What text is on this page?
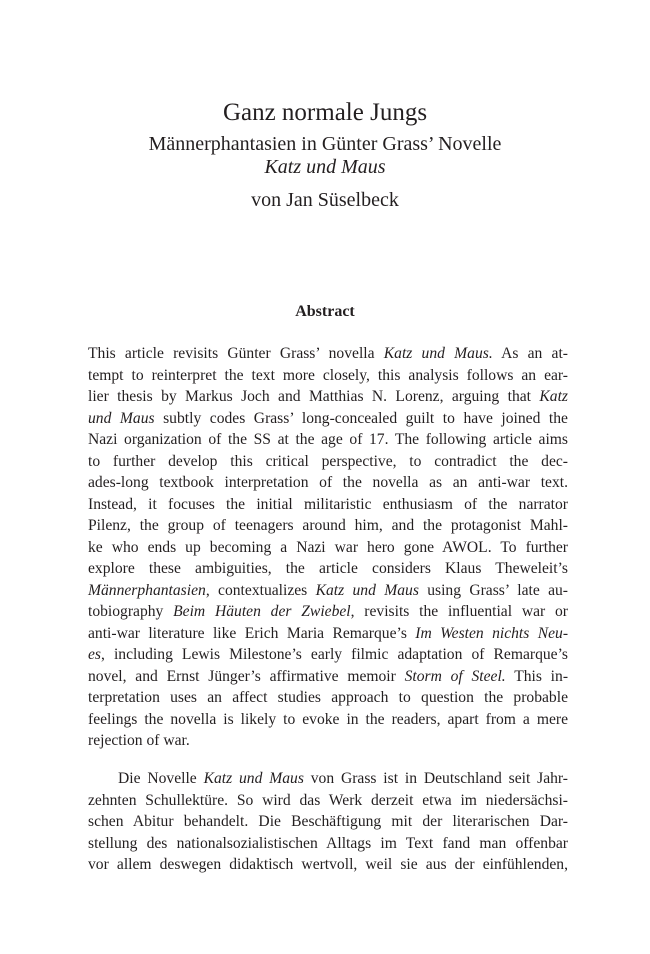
Ganz normale Jungs
Männerphantasien in Günter Grass’ Novelle
Katz und Maus
von Jan Süselbeck
Abstract
This article revisits Günter Grass’ novella Katz und Maus. As an at-
tempt to reinterpret the text more closely, this analysis follows an ear-
lier thesis by Markus Joch and Matthias N. Lorenz, arguing that Katz
und Maus subtly codes Grass’ long-concealed guilt to have joined the
Nazi organization of the SS at the age of 17. The following article aims
to further develop this critical perspective, to contradict the dec-
ades-long textbook interpretation of the novella as an anti-war text.
Instead, it focuses the initial militaristic enthusiasm of the narrator
Pilenz, the group of teenagers around him, and the protagonist Mahl-
ke who ends up becoming a Nazi war hero gone AWOL. To further
explore these ambiguities, the article considers Klaus Theweleit’s
Männerphantasien, contextualizes Katz und Maus using Grass’ late au-
tobiography Beim Häuten der Zwiebel, revisits the influential war or
anti-war literature like Erich Maria Remarque’s Im Westen nichts Neu-
es, including Lewis Milestone’s early filmic adaptation of Remarque’s
novel, and Ernst Jünger’s affirmative memoir Storm of Steel. This in-
terpretation uses an affect studies approach to question the probable
feelings the novella is likely to evoke in the readers, apart from a mere
rejection of war.
Die Novelle Katz und Maus von Grass ist in Deutschland seit Jahr-
zehnten Schullektüre. So wird das Werk derzeit etwa im niedersächsi-
schen Abitur behandelt. Die Beschäftigung mit der literarischen Dar-
stellung des nationalsozialistischen Alltags im Text fand man offenbar
vor allem deswegen didaktisch wertvoll, weil sie aus der einfühlenden,
